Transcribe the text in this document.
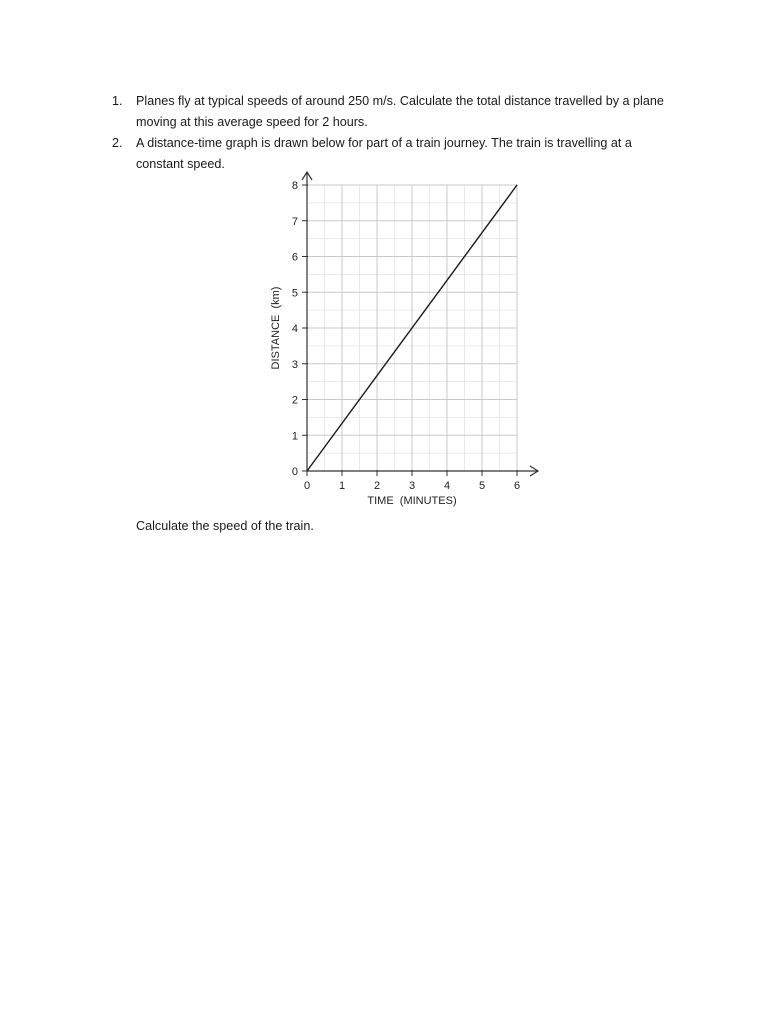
1. Planes fly at typical speeds of around 250 m/s. Calculate the total distance travelled by a plane moving at this average speed for 2 hours.
2. A distance-time graph is drawn below for part of a train journey. The train is travelling at a constant speed.
0
1
2
3
4
5
6
7
8
0	1	2	3	4	5	6
TIME  (MINUTES)
DISTANCE  (km)
Calculate the speed of the train.
